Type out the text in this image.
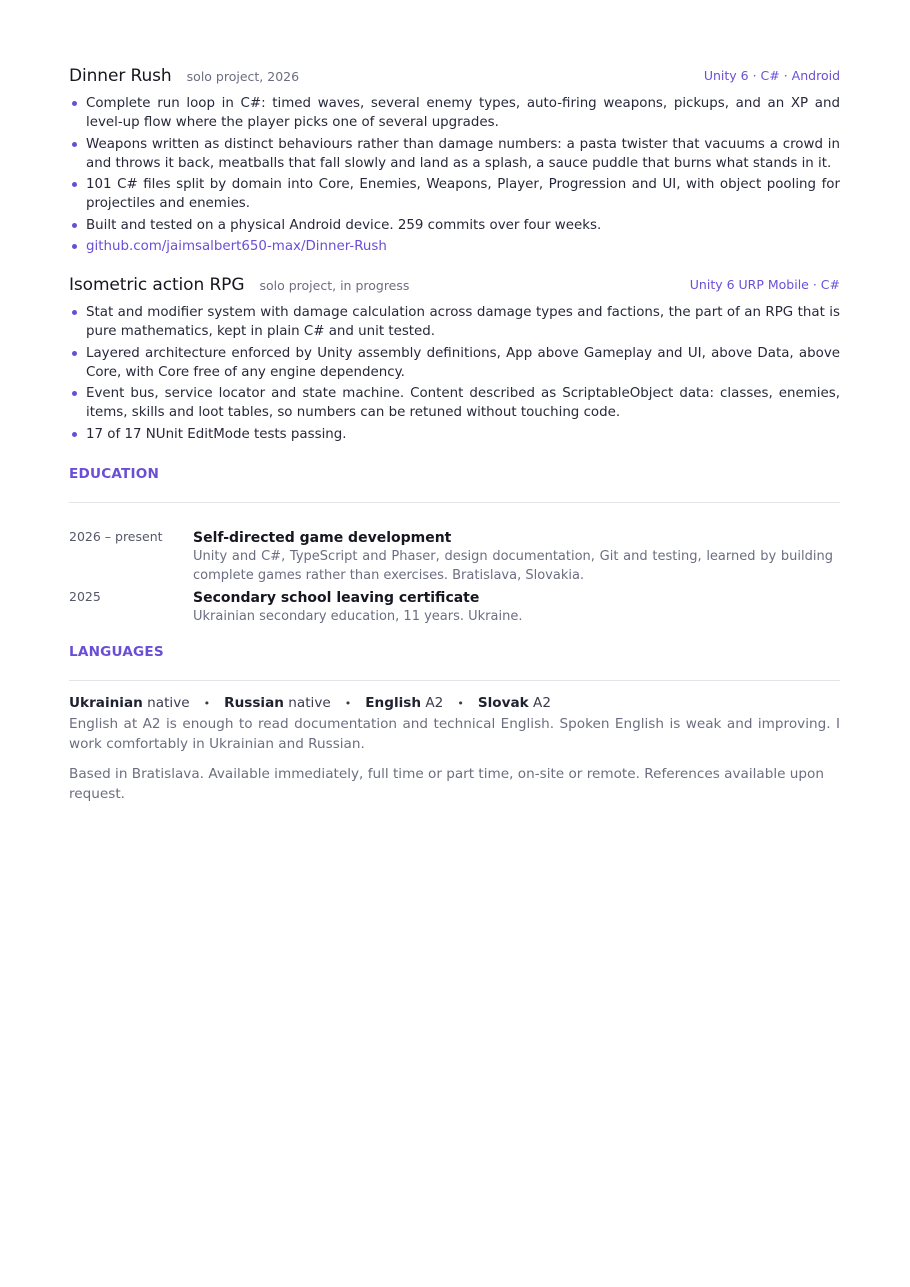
Dinner Rush solo project, 2026	Unity 6 · C# · Android
Complete run loop in C#: timed waves, several enemy types, auto-firing weapons, pickups, and an XP and level-up flow where the player picks one of several upgrades.
Weapons written as distinct behaviours rather than damage numbers: a pasta twister that vacuums a crowd in and throws it back, meatballs that fall slowly and land as a splash, a sauce puddle that burns what stands in it.
101 C# files split by domain into Core, Enemies, Weapons, Player, Progression and UI, with object pooling for projectiles and enemies.
Built and tested on a physical Android device. 259 commits over four weeks.
github.com/jaimsalbert650-max/Dinner-Rush
Isometric action RPG solo project, in progress	Unity 6 URP Mobile · C#
Stat and modifier system with damage calculation across damage types and factions, the part of an RPG that is pure mathematics, kept in plain C# and unit tested.
Layered architecture enforced by Unity assembly definitions, App above Gameplay and UI, above Data, above Core, with Core free of any engine dependency.
Event bus, service locator and state machine. Content described as ScriptableObject data: classes, enemies, items, skills and loot tables, so numbers can be retuned without touching code.
17 of 17 NUnit EditMode tests passing.
EDUCATION
2026 – present Self-directed game development
Unity and C#, TypeScript and Phaser, design documentation, Git and testing, learned by building complete games rather than exercises. Bratislava, Slovakia.
2025	Secondary school leaving certificate
Ukrainian secondary education, 11 years. Ukraine.
LANGUAGES
Ukrainian native • Russian native • English A2 • Slovak A2
English at A2 is enough to read documentation and technical English. Spoken English is weak and improving. I work comfortably in Ukrainian and Russian.
Based in Bratislava. Available immediately, full time or part time, on-site or remote. References available upon request.
